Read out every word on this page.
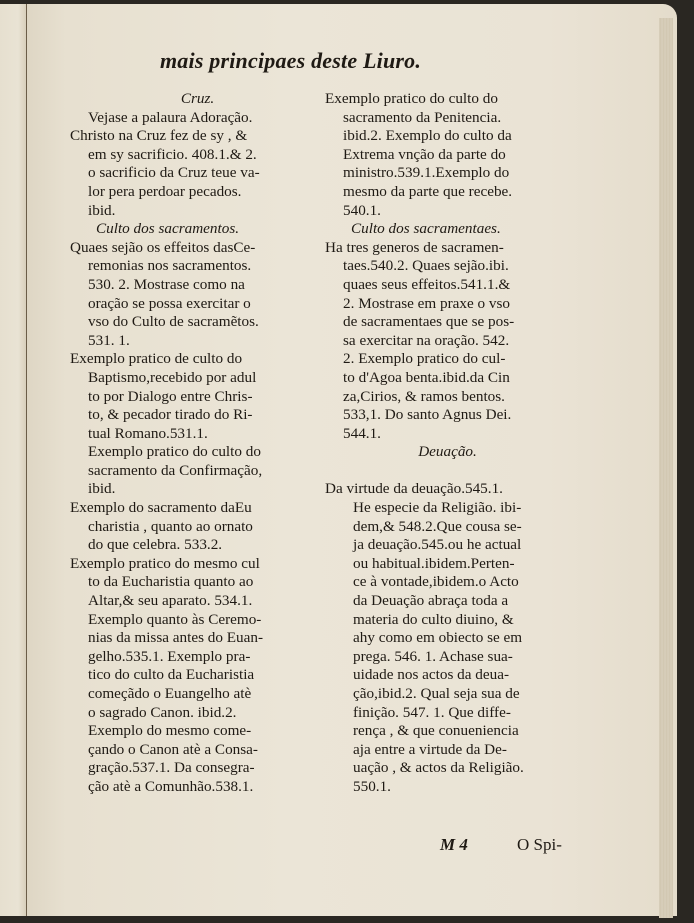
mais principaes deste Liuro.
Cruz.
Vejase a palaura Adoração.
Christo na Cruz fez de sy , &
em sy sacrificio. 408.1.& 2.
o sacrificio da Cruz teue va-
lor pera perdoar pecados.
ibid.
Culto dos sacramentos.
Quaes sejão os effeitos dasCe-
remonias nos sacramentos.
530. 2. Mostrase como na
oração se possa exercitar o
vso do Culto de sacramẽtos.
531. 1.
Exemplo pratico de culto do
Baptismo,recebido por adul
to por Dialogo entre Chris-
to, & pecador tirado do Ri-
tual Romano.531.1.
Exemplo pratico do culto do
sacramento da Confirmação,
ibid.
Exemplo do sacramento daEu
charistia , quanto ao ornato
do que celebra. 533.2.
Exemplo pratico do mesmo cul
to da Eucharistia quanto ao
Altar,& seu aparato. 534.1.
Exemplo quanto às Ceremo-
nias da missa antes do Euan-
gelho.535.1. Exemplo pra-
tico do culto da Eucharistia
começãdo o Euangelho atè
o sagrado Canon. ibid.2.
Exemplo do mesmo come-
çando o Canon atè a Consa-
gração.537.1. Da consegra-
ção atè a Comunhão.538.1.
Exemplo pratico do culto do
sacramento da Penitencia.
ibid.2. Exemplo do culto da
Extrema vnção da parte do
ministro.539.1.Exemplo do
mesmo da parte que recebe.
540.1.
Culto dos sacramentaes.
Ha tres generos de sacramen-
taes.540.2. Quaes sejão.ibi.
quaes seus effeitos.541.1.&
2. Mostrase em praxe o vso
de sacramentaes que se pos-
sa exercitar na oração. 542.
2. Exemplo pratico do cul-
to d'Agoa benta.ibid.da Cin
za,Cirios, & ramos bentos.
533,1. Do santo Agnus Dei.
544.1.
Deuação.

Da virtude da deuação.545.1.
He especie da Religião. ibi-
dem,& 548.2.Que cousa se-
ja deuação.545.ou he actual
ou habitual.ibidem.Perten-
ce à vontade,ibidem.o Acto
da Deuação abraça toda a
materia do culto diuino, &
ahy como em obiecto se em
prega. 546. 1. Achase sua-
uidade nos actos da deua-
ção,ibid.2. Qual seja sua de
finição. 547. 1. Que diffe-
rença , & que conueniencia
aja entre a virtude da De-
uação , & actos da Religião.
550.1.
M 4	O Spi-
